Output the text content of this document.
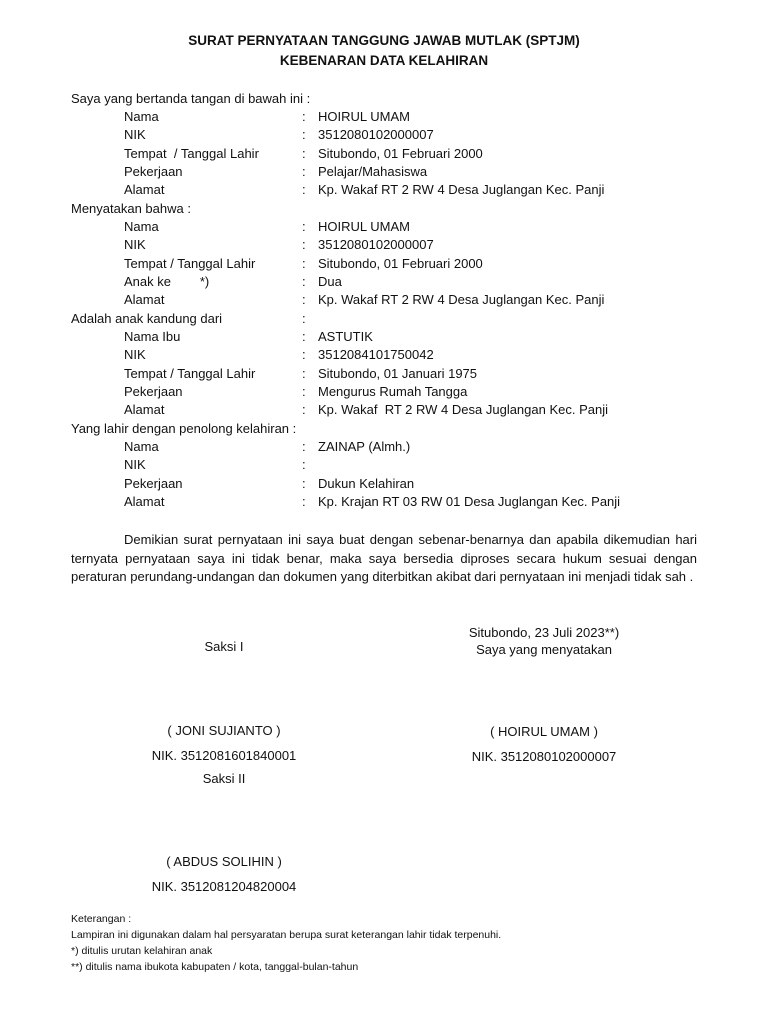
SURAT PERNYATAAN TANGGUNG JAWAB MUTLAK (SPTJM)
KEBENARAN DATA KELAHIRAN
Saya yang bertanda tangan di bawah ini :
Nama	: HOIRUL UMAM
NIK	: 3512080102000007
Tempat  / Tanggal Lahir	: Situbondo, 01 Februari 2000
Pekerjaan	: Pelajar/Mahasiswa
Alamat	: Kp. Wakaf RT 2 RW 4 Desa Juglangan Kec. Panji
Menyatakan bahwa :
Nama	: HOIRUL UMAM
NIK	: 3512080102000007
Tempat / Tanggal Lahir	: Situbondo, 01 Februari 2000
Anak ke        *)	: Dua
Alamat	: Kp. Wakaf RT 2 RW 4 Desa Juglangan Kec. Panji
Adalah anak kandung dari	:
Nama Ibu	: ASTUTIK
NIK	: 3512084101750042
Tempat / Tanggal Lahir	: Situbondo, 01 Januari 1975
Pekerjaan	: Mengurus Rumah Tangga
Alamat	: Kp. Wakaf  RT 2 RW 4 Desa Juglangan Kec. Panji
Yang lahir dengan penolong kelahiran :
Nama	: ZAINAP (Almh.)
NIK	:
Pekerjaan	: Dukun Kelahiran
Alamat	: Kp. Krajan RT 03 RW 01 Desa Juglangan Kec. Panji
Demikian surat pernyataan ini saya buat dengan sebenar-benarnya dan apabila dikemudian hari ternyata pernyataan saya ini tidak benar, maka saya bersedia diproses secara hukum sesuai dengan peraturan perundang-undangan dan dokumen yang diterbitkan akibat dari pernyataan ini menjadi tidak sah .
Situbondo, 23 Juli 2023**)
Saya yang menyatakan
Saksi I
( JONI SUJIANTO )	( HOIRUL UMAM )
NIK. 3512081601840001	NIK. 3512080102000007
Saksi II
( ABDUS SOLIHIN )
NIK. 3512081204820004
Keterangan :
Lampiran ini digunakan dalam hal persyaratan berupa surat keterangan lahir tidak terpenuhi.
*) ditulis urutan kelahiran anak
**) ditulis nama ibukota kabupaten / kota, tanggal-bulan-tahun
